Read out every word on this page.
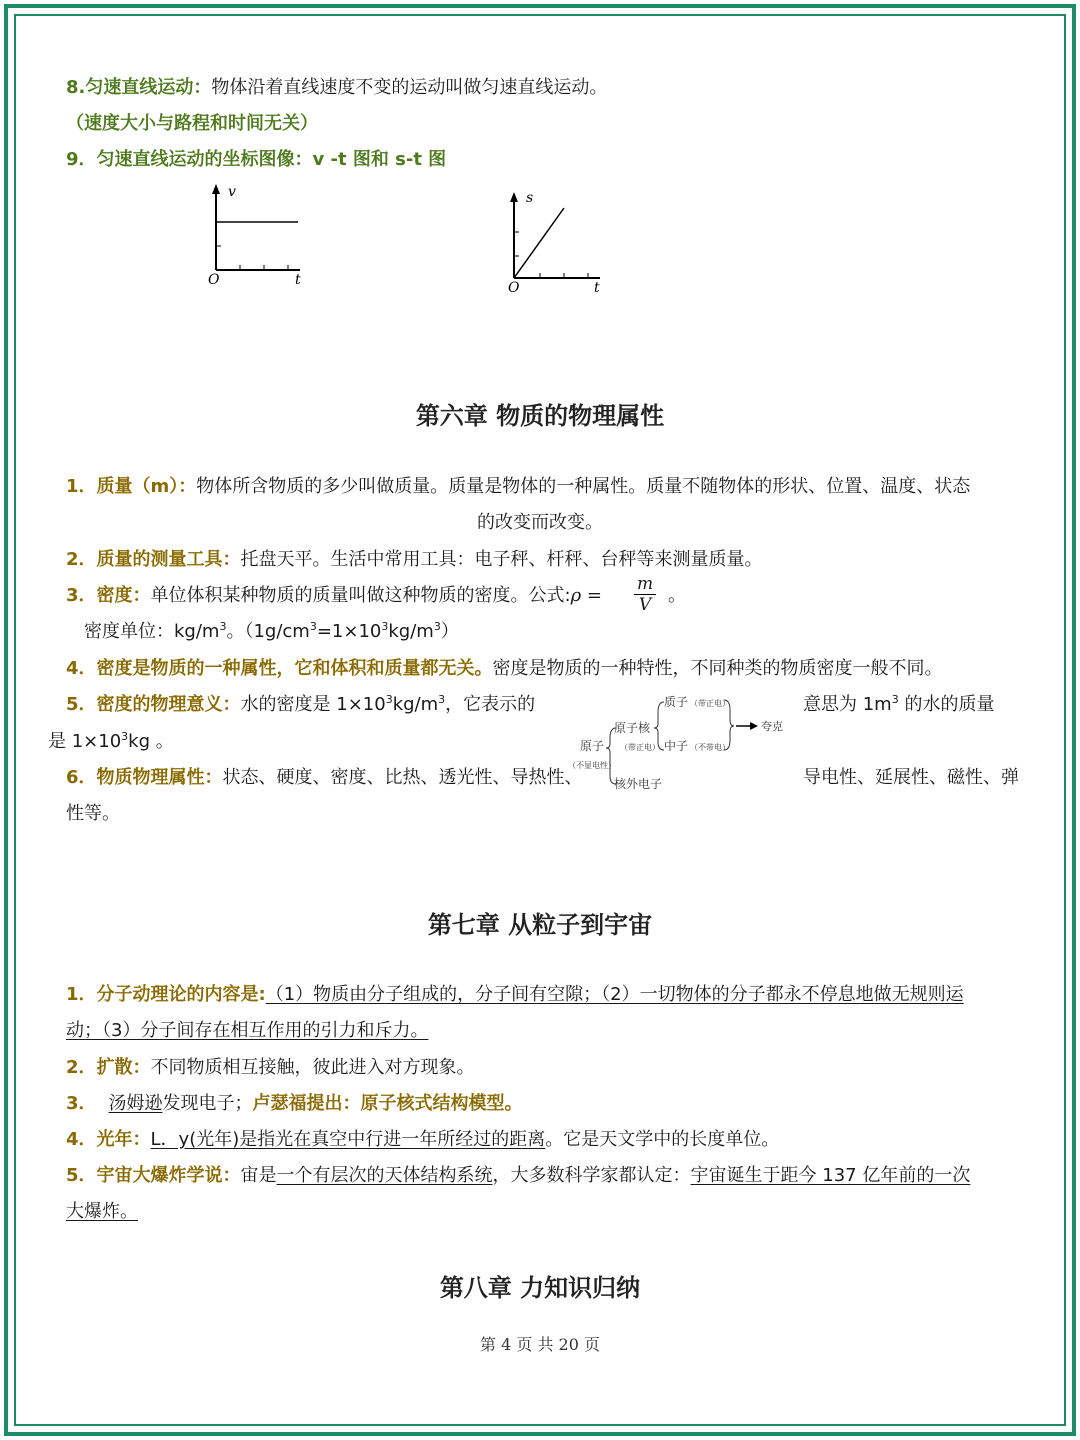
8.匀速直线运动：物体沿着直线速度不变的运动叫做匀速直线运动。
（速度大小与路程和时间无关）
9．匀速直线运动的坐标图像：v -t 图和 s-t 图
v
O	t
s
O	t
第六章 物质的物理属性
1．质量（m）：物体所含物质的多少叫做质量。质量是物体的一种属性。质量不随物体的形状、位置、温度、状态
的改变而改变。
2．质量的测量工具：托盘天平。生活中常用工具：电子秤、杆秤、台秤等来测量质量。
3．密度：单位体积某种物质的质量叫做这种物质的密度。公式:ρ = $\frac{m}{V}$ 。
密度单位：$kg/m^3$。$(1g/cm^3=1\times 10^3kg/m^3)$
4．密度是物质的一种属性，它和体积和质量都无关。密度是物质的一种特性，不同种类的物质密度一般不同。
5．密度的物理意义：水的密度是 $1\times 10^3kg/m^3$，它表示的	意思为 $1m^3$ 的水的质量
是 $1\times 10^3kg$ 。
6．物质物理属性：状态、硬度、密度、比热、透光性、导热性、	导电性、延展性、磁性、弹
性等。
原子
（不显电性）
原子核
（带正电）
核外电子
质子 （带正电）
中子 （不带电）
夸克
第七章 从粒子到宇宙
1．分子动理论的内容是:（1）物质由分子组成的，分子间有空隙；（2）一切物体的分子都永不停息地做无规则运
动；（3）分子间存在相互作用的引力和斥力。
2．扩散：不同物质相互接触，彼此进入对方现象。
3． 汤姆逊发现电子；卢瑟福提出：原子核式结构模型。
4．光年：L．y(光年)是指光在真空中行进一年所经过的距离。它是天文学中的长度单位。
5．宇宙大爆炸学说：宙是一个有层次的天体结构系统，大多数科学家都认定：宇宙诞生于距今 137 亿年前的一次
大爆炸。
第八章 力知识归纳
第 4 页 共 20 页
